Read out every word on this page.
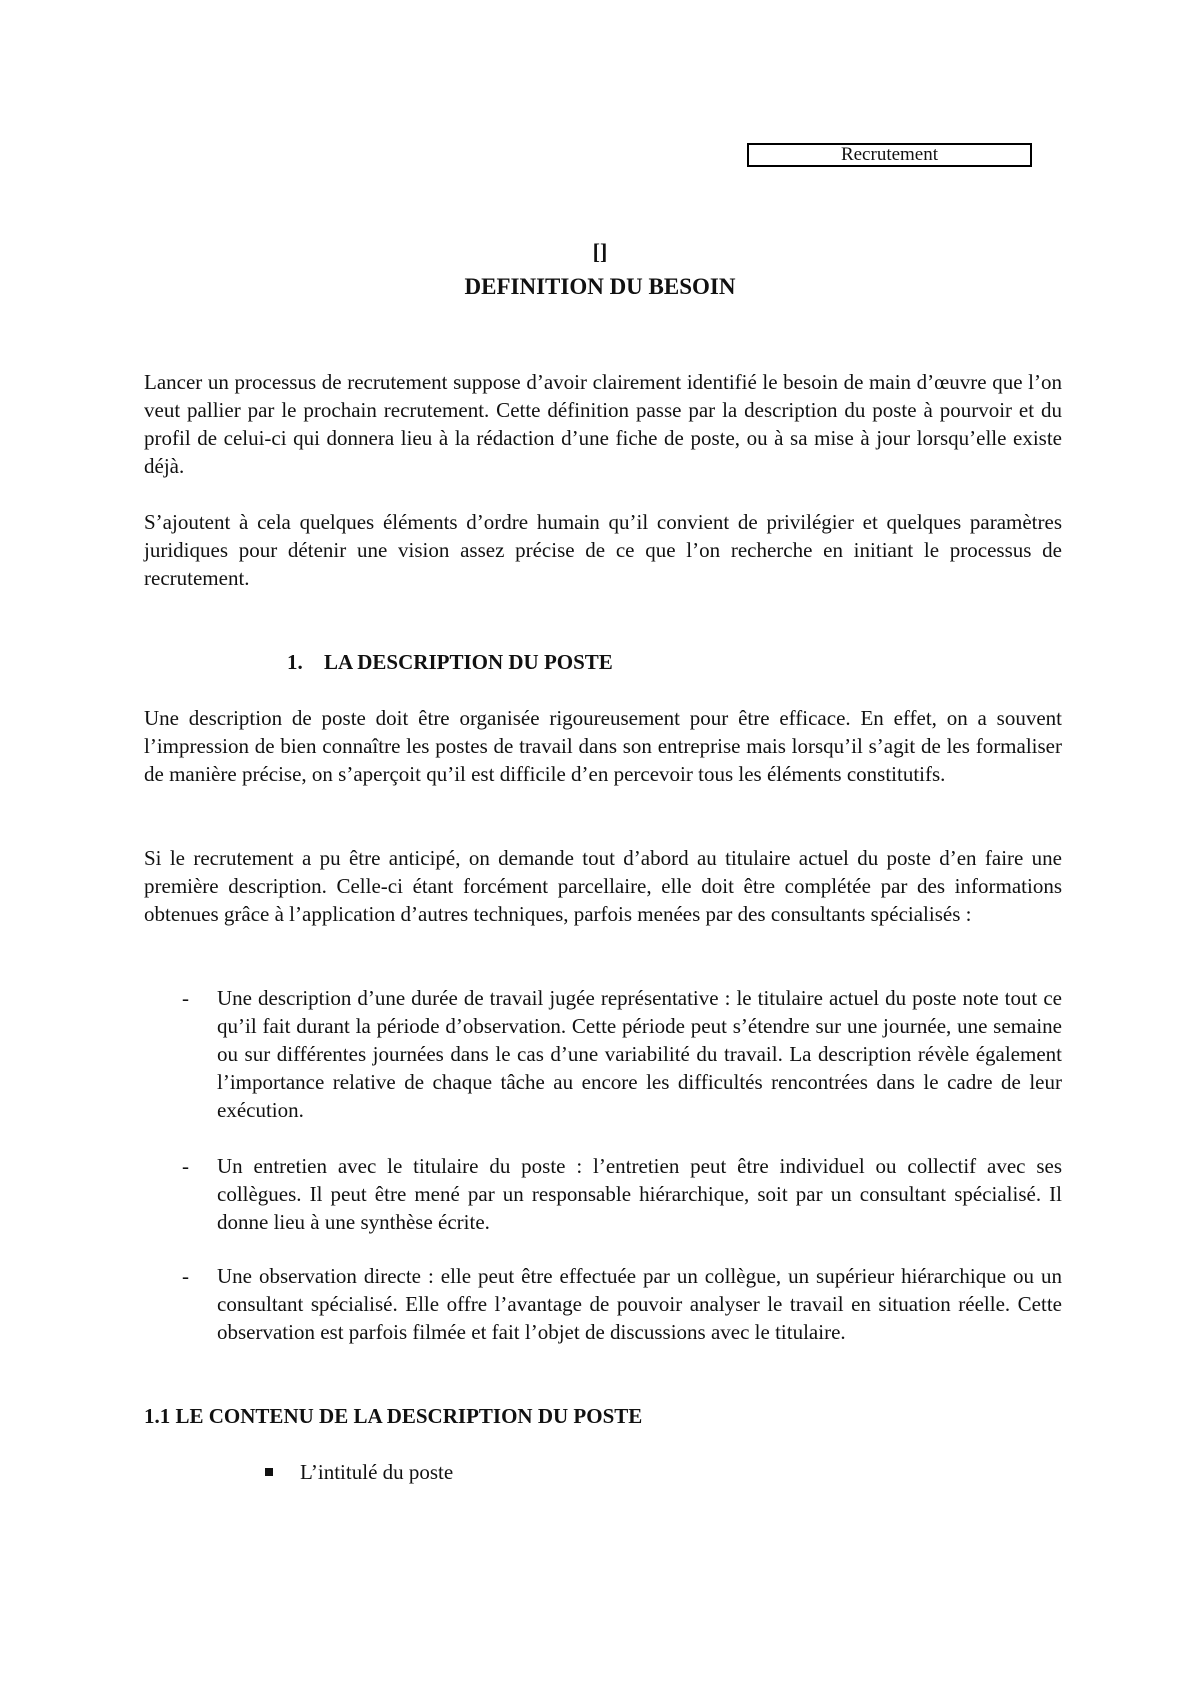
Recrutement
[]
DEFINITION DU BESOIN

Lancer un processus de recrutement suppose d’avoir clairement identifié le besoin de main d’œuvre que l’on veut pallier par le prochain recrutement. Cette définition passe par la description du poste à pourvoir et du profil de celui-ci qui donnera lieu à la rédaction d’une fiche de poste, ou à sa mise à jour lorsqu’elle existe déjà.

S’ajoutent à cela quelques éléments d’ordre humain qu’il convient de privilégier et quelques paramètres juridiques pour détenir une vision assez précise de ce que l’on recherche en initiant le processus de recrutement.

1. LA DESCRIPTION DU POSTE

Une description de poste doit être organisée rigoureusement pour être efficace. En effet, on a souvent l’impression de bien connaître les postes de travail dans son entreprise mais lorsqu’il s’agit de les formaliser de manière précise, on s’aperçoit qu’il est difficile d’en percevoir tous les éléments constitutifs.

Si le recrutement a pu être anticipé, on demande tout d’abord au titulaire actuel du poste d’en faire une première description. Celle-ci étant forcément parcellaire, elle doit être complétée par des informations obtenues grâce à l’application d’autres techniques, parfois menées par des consultants spécialisés :

- Une description d’une durée de travail jugée représentative : le titulaire actuel du poste note tout ce qu’il fait durant la période d’observation. Cette période peut s’étendre sur une journée, une semaine ou sur différentes journées dans le cas d’une variabilité du travail. La description révèle également l’importance relative de chaque tâche au encore les difficultés rencontrées dans le cadre de leur exécution.

- Un entretien avec le titulaire du poste : l’entretien peut être individuel ou collectif avec ses collègues. Il peut être mené par un responsable hiérarchique, soit par un consultant spécialisé. Il donne lieu à une synthèse écrite.

- Une observation directe : elle peut être effectuée par un collègue, un supérieur hiérarchique ou un consultant spécialisé. Elle offre l’avantage de pouvoir analyser le travail en situation réelle. Cette observation est parfois filmée et fait l’objet de discussions avec le titulaire.

1.1 LE CONTENU DE LA DESCRIPTION DU POSTE
L’intitulé du poste
